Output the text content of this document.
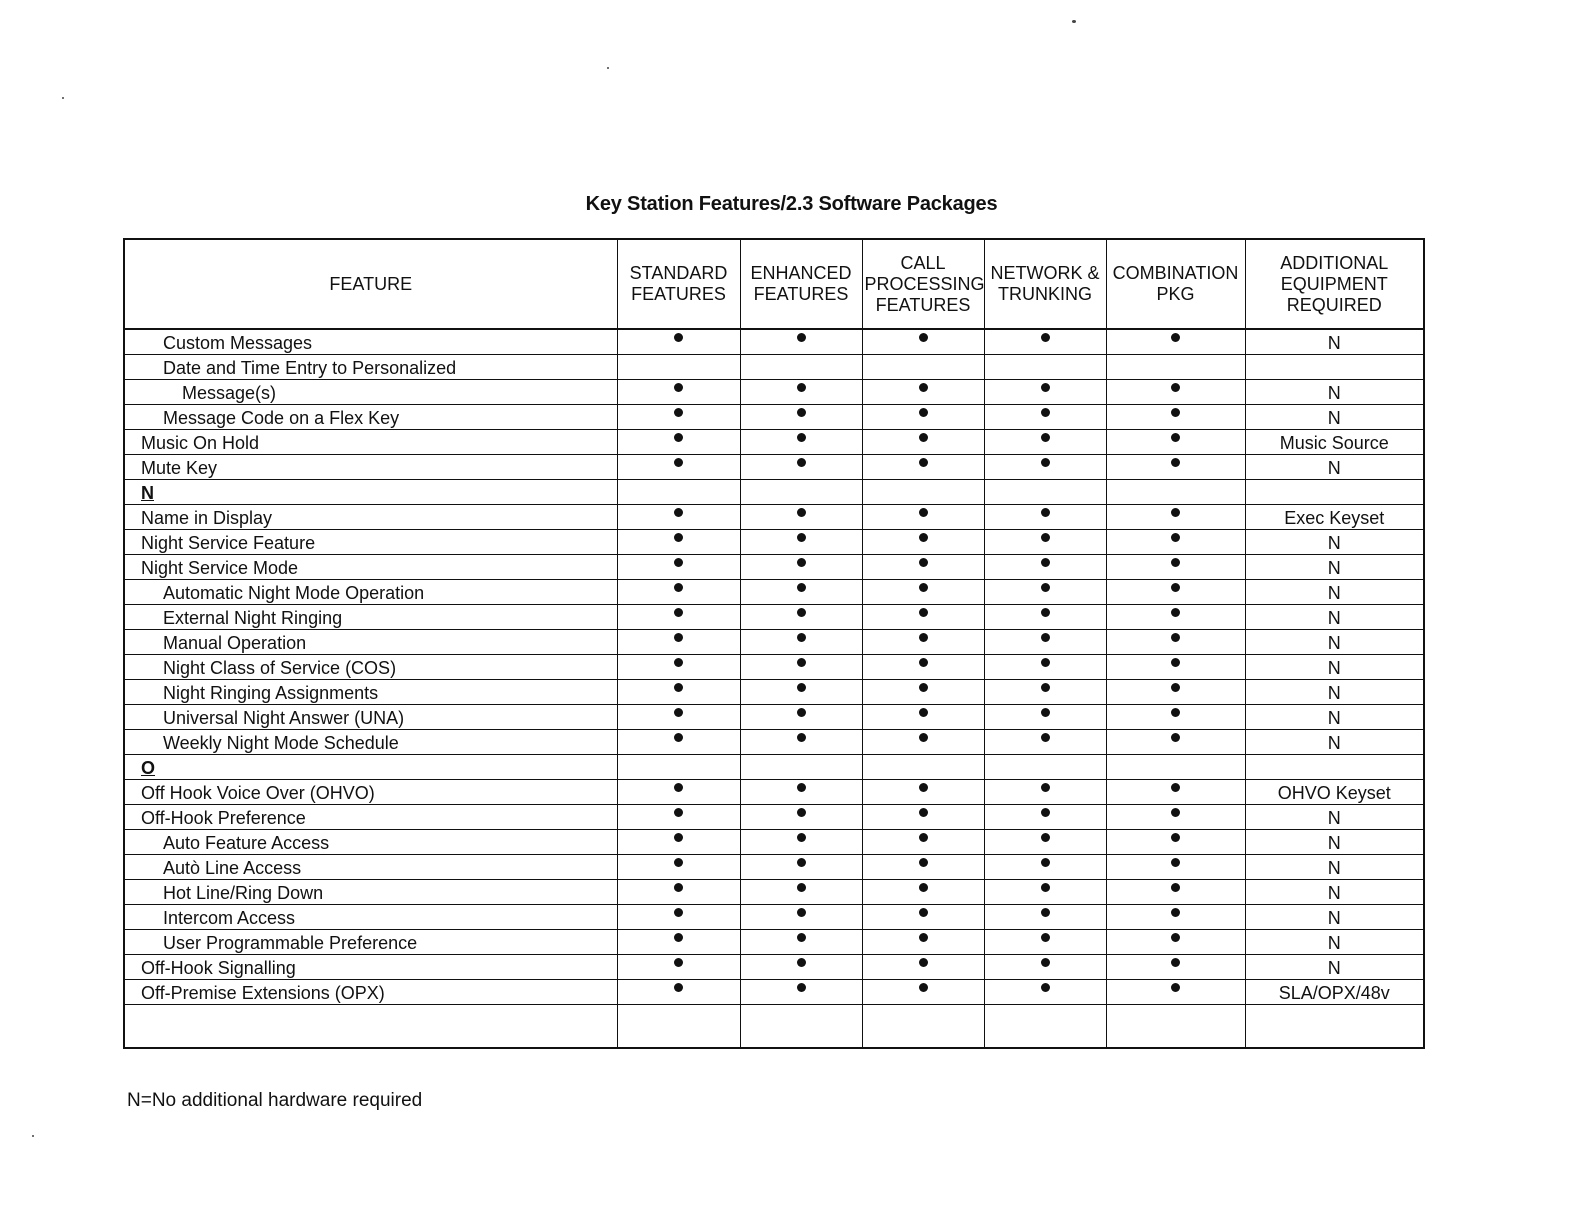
Key Station Features/2.3 Software Packages
FEATURE	STANDARD FEATURES	ENHANCED FEATURES	CALL PROCESSING FEATURES	NETWORK & TRUNKING	COMBINATION PKG	ADDITIONAL EQUIPMENT REQUIRED
Custom Messages						N
Date and Time Entry to Personalized						
Message(s)						N
Message Code on a Flex Key						N
Music On Hold						Music Source
Mute Key						N
N						
Name in Display						Exec Keyset
Night Service Feature						N
Night Service Mode						N
Automatic Night Mode Operation						N
External Night Ringing						N
Manual Operation						N
Night Class of Service (COS)						N
Night Ringing Assignments						N
Universal Night Answer (UNA)						N
Weekly Night Mode Schedule						N
O						
Off Hook Voice Over (OHVO)						OHVO Keyset
Off-Hook Preference						N
Auto Feature Access						N
Autò Line Access						N
Hot Line/Ring Down						N
Intercom Access						N
User Programmable Preference						N
Off-Hook Signalling						N
Off-Premise Extensions (OPX)						SLA/OPX/48v

N=No additional hardware required
